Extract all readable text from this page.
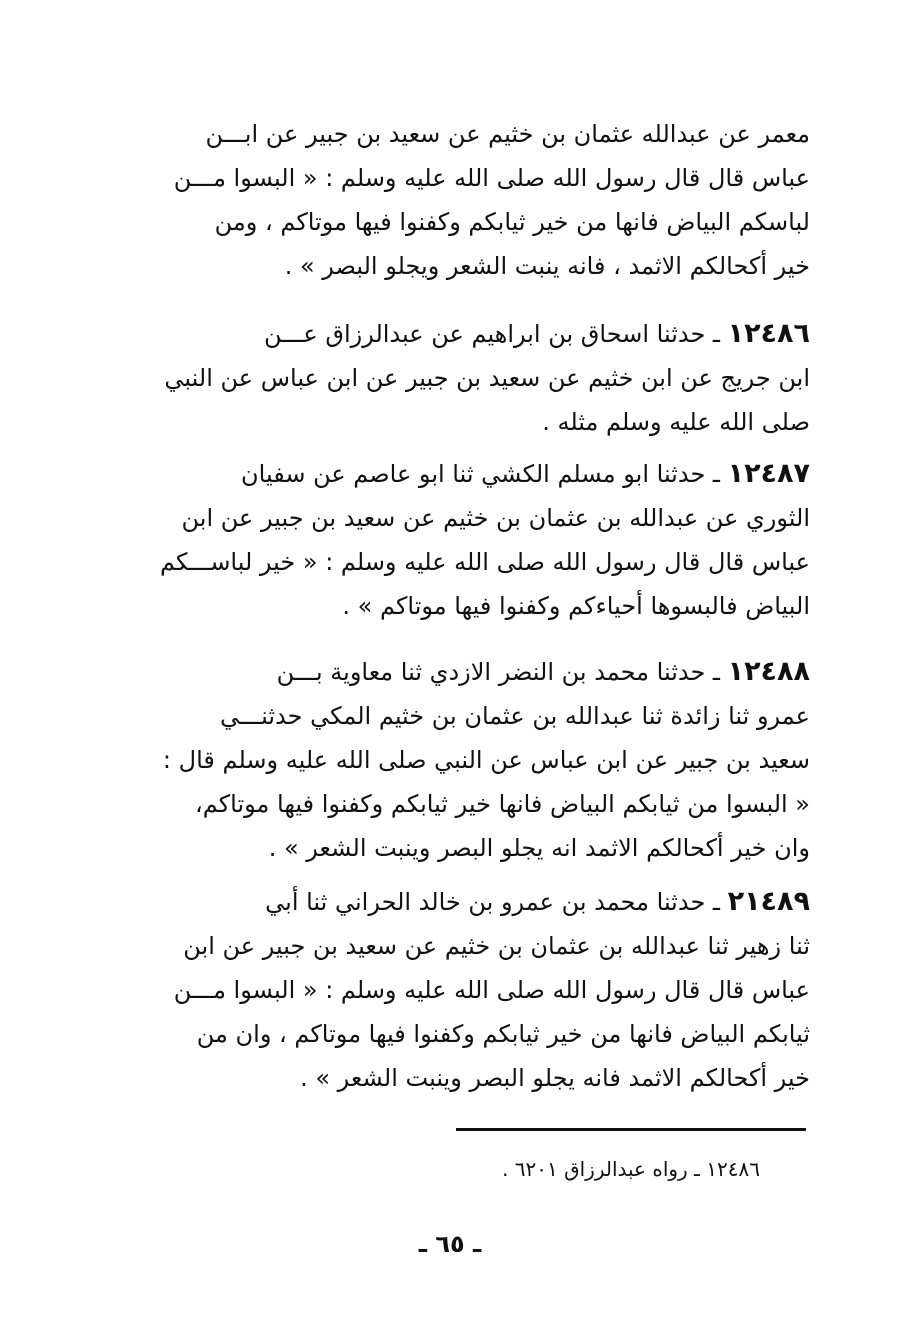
معمر عن عبدالله عثمان بن خثيم عن سعيد بن جبير عن ابـــن
عباس قال قال رسول الله صلى الله عليه وسلم : « البسوا مـــن
لباسكم البياض فانها من خير ثيابكم وكفنوا فيها موتاكم ، ومن
خير أكحالكم الاثمد ، فانه ينبت الشعر ويجلو البصر » .
١٢٤٨٦ ـ حدثنا اسحاق بن ابراهيم عن عبدالرزاق عـــن
ابن جريج عن ابن خثيم عن سعيد بن جبير عن ابن عباس عن النبي
صلى الله عليه وسلم مثله .
١٢٤٨٧ ـ حدثنا ابو مسلم الكشي ثنا ابو عاصم عن سفيان
الثوري عن عبدالله بن عثمان بن خثيم عن سعيد بن جبير عن ابن
عباس قال قال رسول الله صلى الله عليه وسلم : « خير لباســـكم
البياض فالبسوها أحياءكم وكفنوا فيها موتاكم » .
١٢٤٨٨ ـ حدثنا محمد بن النضر الازدي ثنا معاوية بـــن
عمرو ثنا زائدة ثنا عبدالله بن عثمان بن خثيم المكي حدثنـــي
سعيد بن جبير عن ابن عباس عن النبي صلى الله عليه وسلم قال :
« البسوا من ثيابكم البياض فانها خير ثيابكم وكفنوا فيها موتاكم،
وان خير أكحالكم الاثمد انه يجلو البصر وينبت الشعر » .
٢١٤٨٩ ـ حدثنا محمد بن عمرو بن خالد الحراني ثنا أبي
ثنا زهير ثنا عبدالله بن عثمان بن خثيم عن سعيد بن جبير عن ابن
عباس قال قال رسول الله صلى الله عليه وسلم : « البسوا مـــن
ثيابكم البياض فانها من خير ثيابكم وكفنوا فيها موتاكم ، وان من
خير أكحالكم الاثمد فانه يجلو البصر وينبت الشعر » .
١٢٤٨٦ ـ رواه عبدالرزاق ٦٢٠١ .
ـ ٦٥ ـ
